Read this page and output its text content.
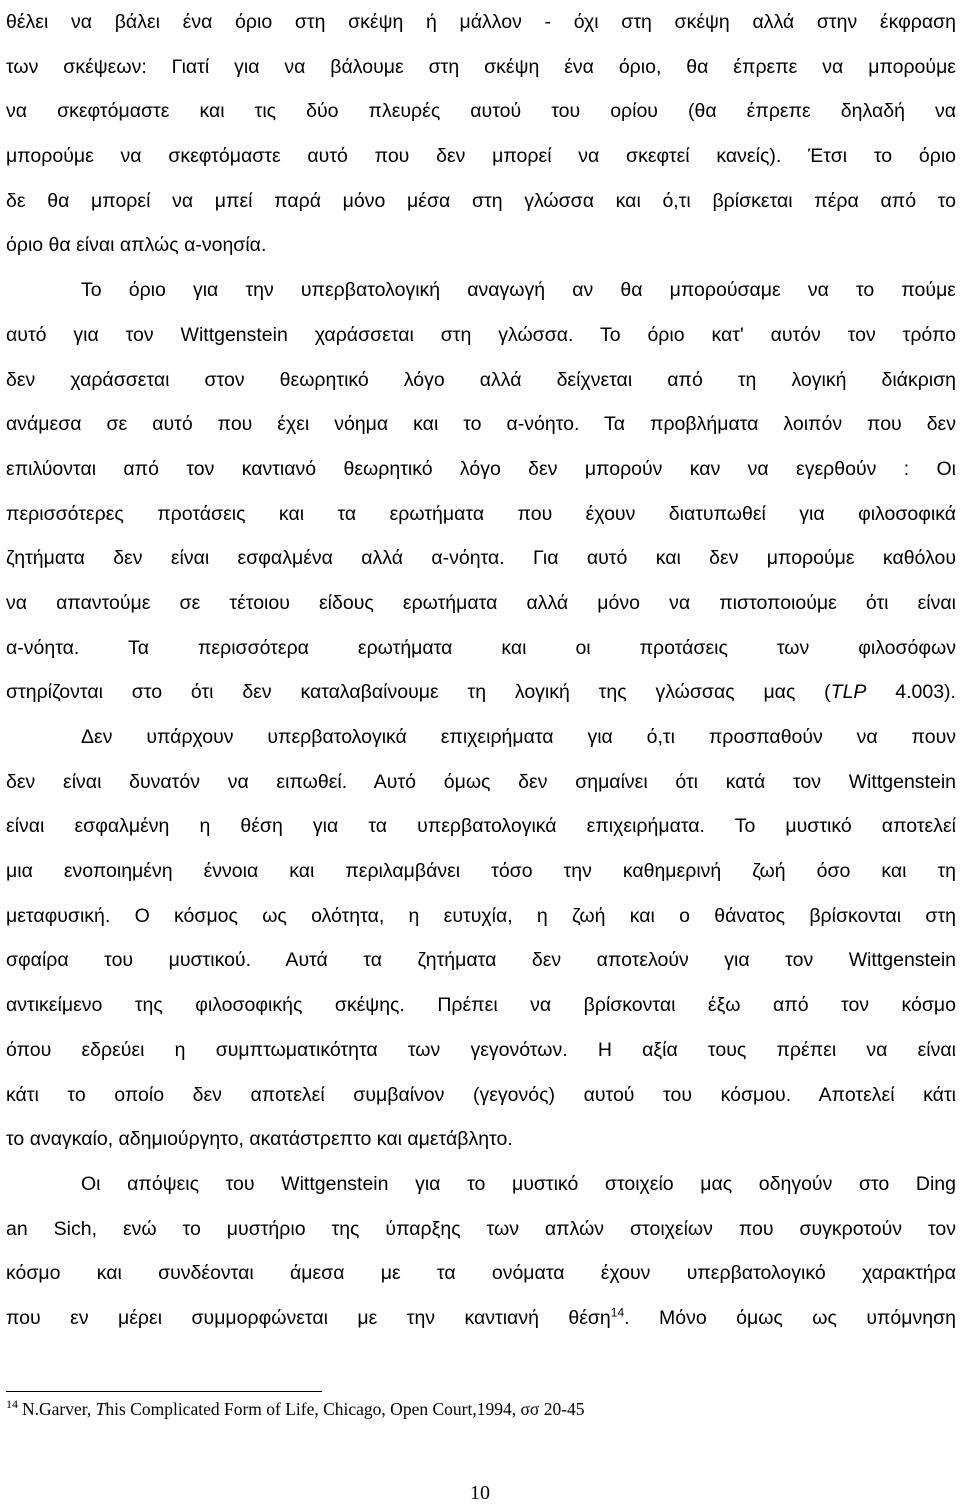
θέλει να βάλει ένα όριο στη σκέψη ή μάλλον - όχι στη σκέψη αλλά στην έκφραση
των σκέψεων: Γιατί για να βάλουμε στη σκέψη ένα όριο, θα έπρεπε να μπορούμε
να σκεφτόμαστε και τις δύο πλευρές αυτού του ορίου (θα έπρεπε δηλαδή να
μπορούμε να σκεφτόμαστε αυτό που δεν μπορεί να σκεφτεί κανείς). Έτσι το όριο
δε θα μπορεί να μπεί παρά μόνο μέσα στη γλώσσα και ό,τι βρίσκεται πέρα από το
όριο θα είναι απλώς α-νοησία.
Το όριο για την υπερβατολογική αναγωγή αν θα μπορούσαμε να το πούμε
αυτό για τον Wittgenstein χαράσσεται στη γλώσσα. Το όριο κατ' αυτόν τον τρόπο
δεν χαράσσεται στον θεωρητικό λόγο αλλά δείχνεται από τη λογική διάκριση
ανάμεσα σε αυτό που έχει νόημα και το α-νόητο. Τα προβλήματα λοιπόν που δεν
επιλύονται από τον καντιανό θεωρητικό λόγο δεν μπορούν καν να εγερθούν : Οι
περισσότερες προτάσεις και τα ερωτήματα που έχουν διατυπωθεί για φιλοσοφικά
ζητήματα δεν είναι εσφαλμένα αλλά α-νόητα. Για αυτό και δεν μπορούμε καθόλου
να απαντούμε σε τέτοιου είδους ερωτήματα αλλά μόνο να πιστοποιούμε ότι είναι
α-νόητα. Τα περισσότερα ερωτήματα και οι προτάσεις των φιλοσόφων
στηρίζονται στο ότι δεν καταλαβαίνουμε τη λογική της γλώσσας μας (TLP 4.003).
Δεν υπάρχουν υπερβατολογικά επιχειρήματα για ό,τι προσπαθούν να πουν
δεν είναι δυνατόν να ειπωθεί. Αυτό όμως δεν σημαίνει ότι κατά τον Wittgenstein
είναι εσφαλμένη η θέση για τα υπερβατολογικά επιχειρήματα. Το μυστικό αποτελεί
μια ενοποιημένη έννοια και περιλαμβάνει τόσο την καθημερινή ζωή όσο και τη
μεταφυσική. Ο κόσμος ως ολότητα, η ευτυχία, η ζωή και ο θάνατος βρίσκονται στη
σφαίρα του μυστικού. Αυτά τα ζητήματα δεν αποτελούν για τον Wittgenstein
αντικείμενο της φιλοσοφικής σκέψης. Πρέπει να βρίσκονται έξω από τον κόσμο
όπου εδρεύει η συμπτωματικότητα των γεγονότων. Η αξία τους πρέπει να είναι
κάτι το οποίο δεν αποτελεί συμβαίνον (γεγονός) αυτού του κόσμου. Αποτελεί κάτι
το αναγκαίο, αδημιούργητο, ακατάστρεπτο και αμετάβλητο.
Οι απόψεις του Wittgenstein για το μυστικό στοιχείο μας οδηγούν στο Ding
an Sich, ενώ το μυστήριο της ύπαρξης των απλών στοιχείων που συγκροτούν τον
κόσμο και συνδέονται άμεσα με τα ονόματα έχουν υπερβατολογικό χαρακτήρα
που εν μέρει συμμορφώνεται με την καντιανή θέση$^{14}$. Μόνο όμως ως υπόμνηση
$^{14}$ N.Garver, This Complicated Form of Life, Chicago, Open Court,1994, σσ 20-45
10
